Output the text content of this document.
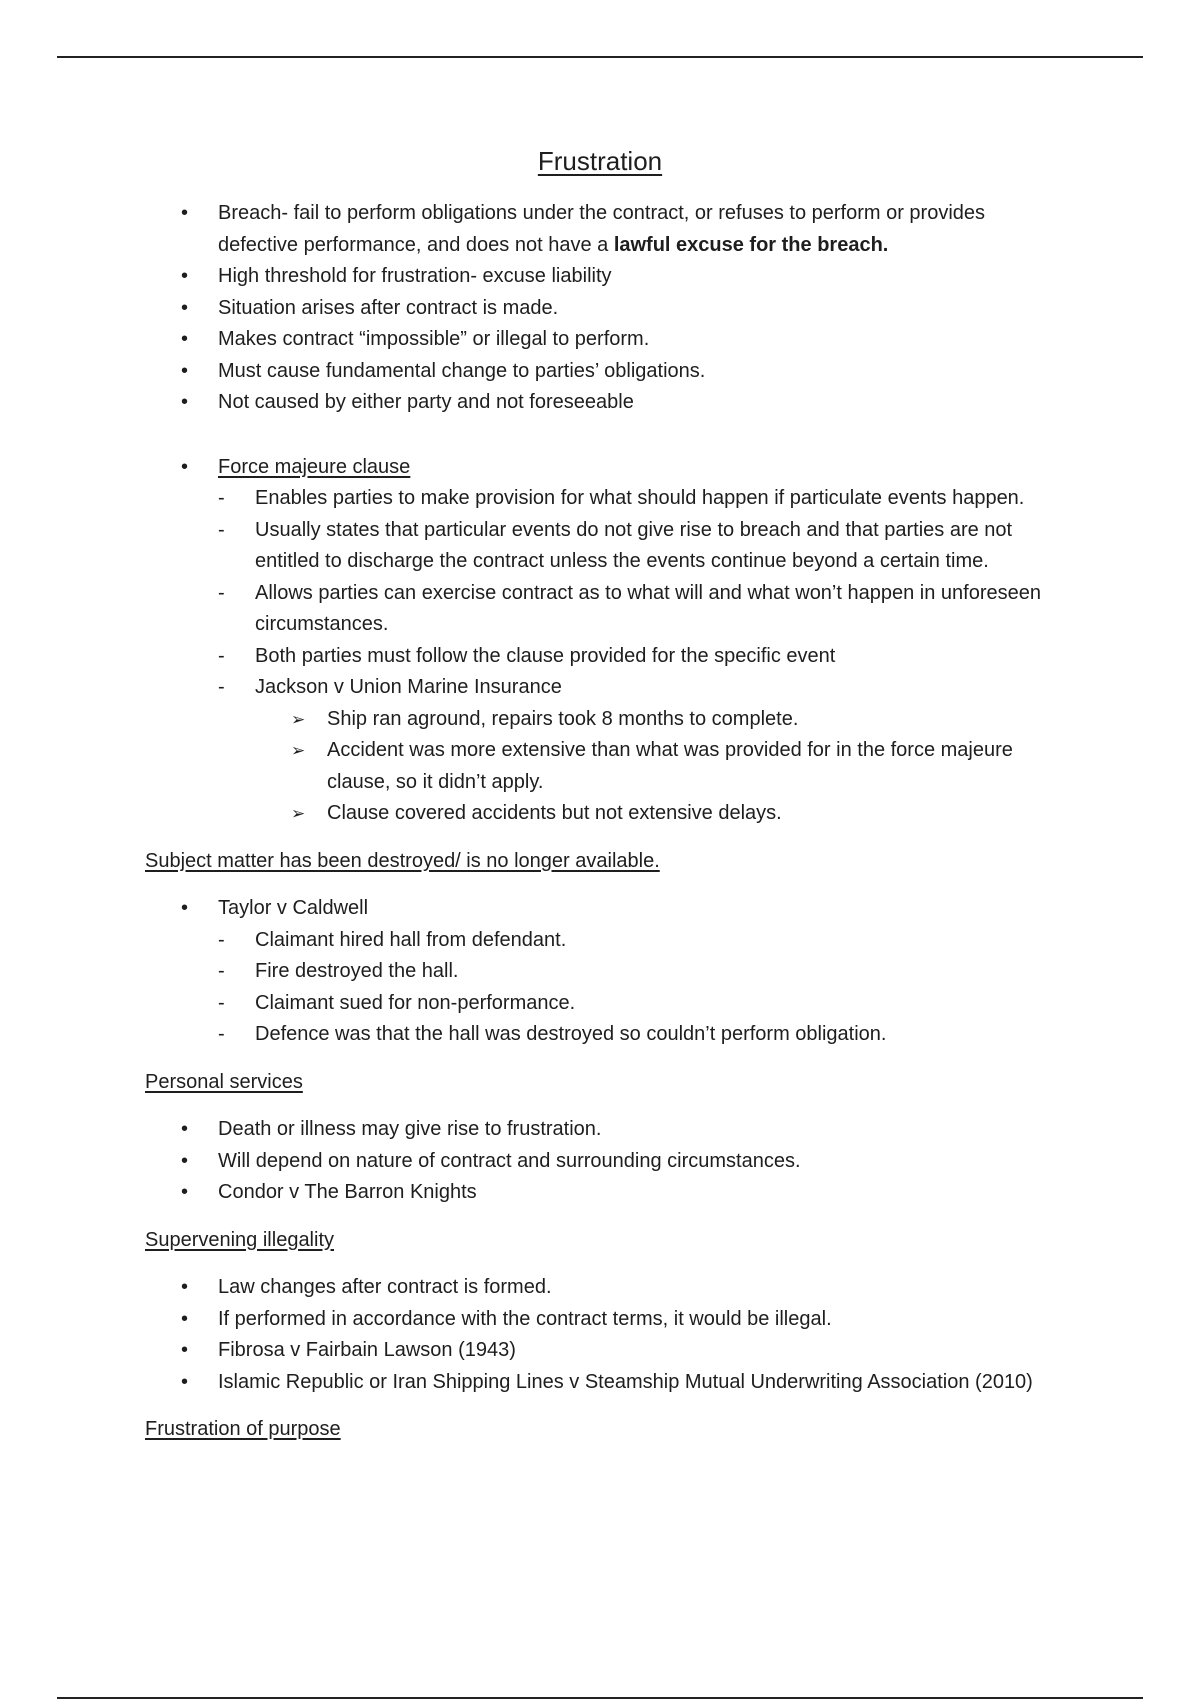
Frustration
• Breach- fail to perform obligations under the contract, or refuses to perform or provides defective performance, and does not have a lawful excuse for the breach.
• High threshold for frustration- excuse liability
• Situation arises after contract is made.
• Makes contract “impossible” or illegal to perform.
• Must cause fundamental change to parties’ obligations.
• Not caused by either party and not foreseeable
• Force majeure clause
- Enables parties to make provision for what should happen if particulate events happen.
- Usually states that particular events do not give rise to breach and that parties are not entitled to discharge the contract unless the events continue beyond a certain time.
- Allows parties can exercise contract as to what will and what won’t happen in unforeseen circumstances.
- Both parties must follow the clause provided for the specific event
- Jackson v Union Marine Insurance
➢ Ship ran aground, repairs took 8 months to complete.
➢ Accident was more extensive than what was provided for in the force majeure clause, so it didn’t apply.
➢ Clause covered accidents but not extensive delays.
Subject matter has been destroyed/ is no longer available.
• Taylor v Caldwell
- Claimant hired hall from defendant.
- Fire destroyed the hall.
- Claimant sued for non-performance.
- Defence was that the hall was destroyed so couldn’t perform obligation.
Personal services
• Death or illness may give rise to frustration.
• Will depend on nature of contract and surrounding circumstances.
• Condor v The Barron Knights
Supervening illegality
• Law changes after contract is formed.
• If performed in accordance with the contract terms, it would be illegal.
• Fibrosa v Fairbain Lawson (1943)
• Islamic Republic or Iran Shipping Lines v Steamship Mutual Underwriting Association (2010)
Frustration of purpose
